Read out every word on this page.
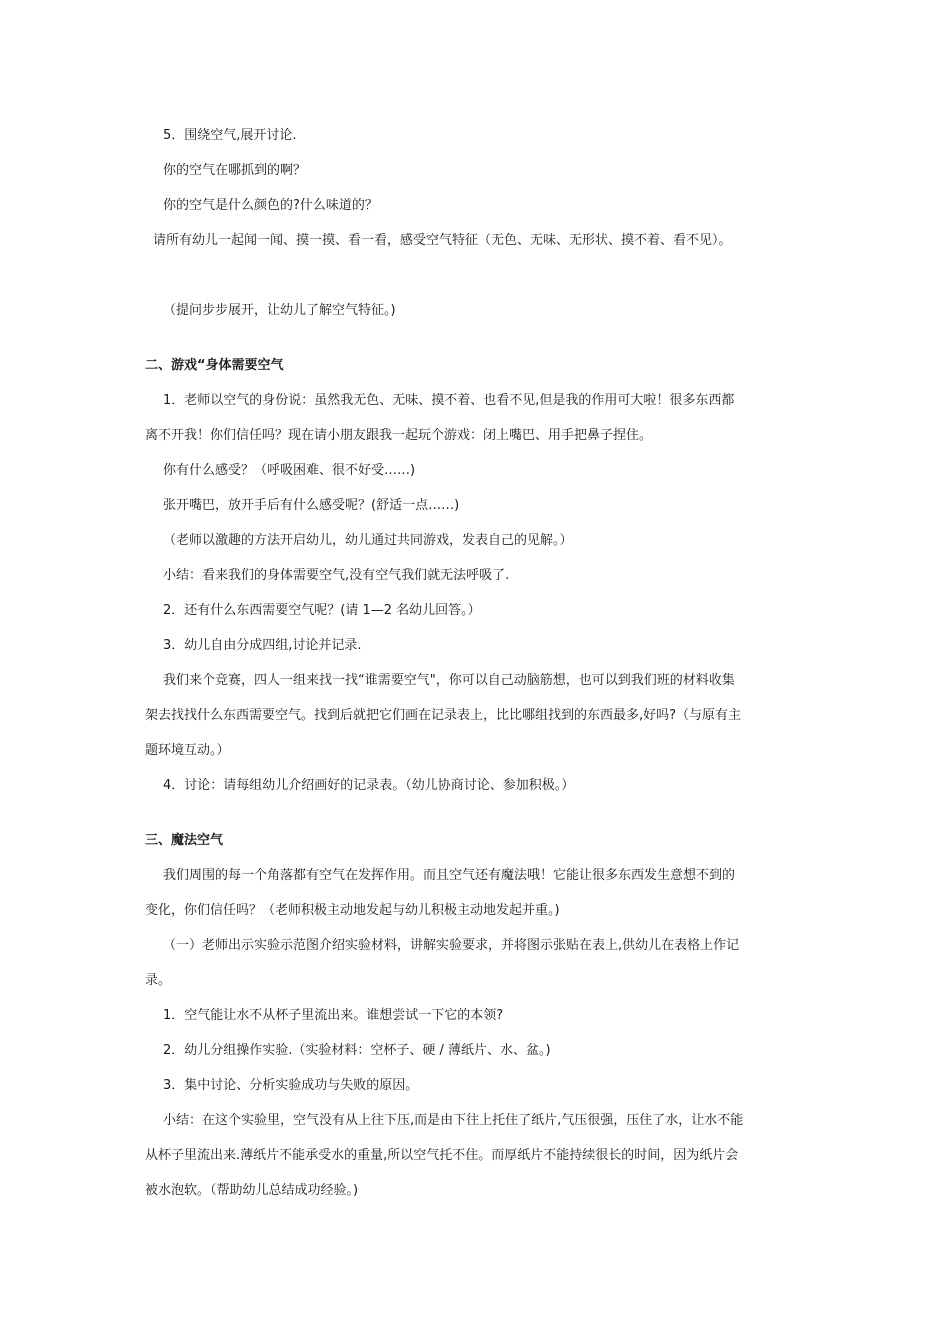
5．围绕空气,展开讨论.
你的空气在哪抓到的啊？
你的空气是什么颜色的?什么味道的？
请所有幼儿一起闻一闻、摸一摸、看一看，感受空气特征（无色、无味、无形状、摸不着、看不见）。
（提问步步展开，让幼儿了解空气特征。)
二、游戏“身体需要空气
1．老师以空气的身份说：虽然我无色、无味、摸不着、也看不见,但是我的作用可大啦！很多东西都
离不开我！你们信任吗？现在请小朋友跟我一起玩个游戏：闭上嘴巴、用手把鼻子捏住。
你有什么感受？（呼吸困难、很不好受……)
张开嘴巴，放开手后有什么感受呢？(舒适一点……)
（老师以激趣的方法开启幼儿，幼儿通过共同游戏，发表自己的见解。）
小结：看来我们的身体需要空气,没有空气我们就无法呼吸了.
2．还有什么东西需要空气呢？(请 1—2 名幼儿回答。）
3．幼儿自由分成四组,讨论并记录.
我们来个竞赛，四人一组来找一找“谁需要空气"，你可以自己动脑筋想，也可以到我们班的材料收集
架去找找什么东西需要空气。找到后就把它们画在记录表上，比比哪组找到的东西最多,好吗?（与原有主
题环境互动。）
4．讨论：请每组幼儿介绍画好的记录表。（幼儿协商讨论、参加积极。）
三、魔法空气
我们周围的每一个角落都有空气在发挥作用。而且空气还有魔法哦！它能让很多东西发生意想不到的
变化，你们信任吗？（老师积极主动地发起与幼儿积极主动地发起并重。)
（一）老师出示实验示范图介绍实验材料，讲解实验要求，并将图示张贴在表上,供幼儿在表格上作记
录。
1．空气能让水不从杯子里流出来。谁想尝试一下它的本领?
2．幼儿分组操作实验.（实验材料：空杯子、硬 / 薄纸片、水、盆。)
3．集中讨论、分析实验成功与失败的原因。
小结：在这个实验里，空气没有从上往下压,而是由下往上托住了纸片,气压很强，压住了水，让水不能
从杯子里流出来.薄纸片不能承受水的重量,所以空气托不住。而厚纸片不能持续很长的时间，因为纸片会
被水泡软。（帮助幼儿总结成功经验。)
